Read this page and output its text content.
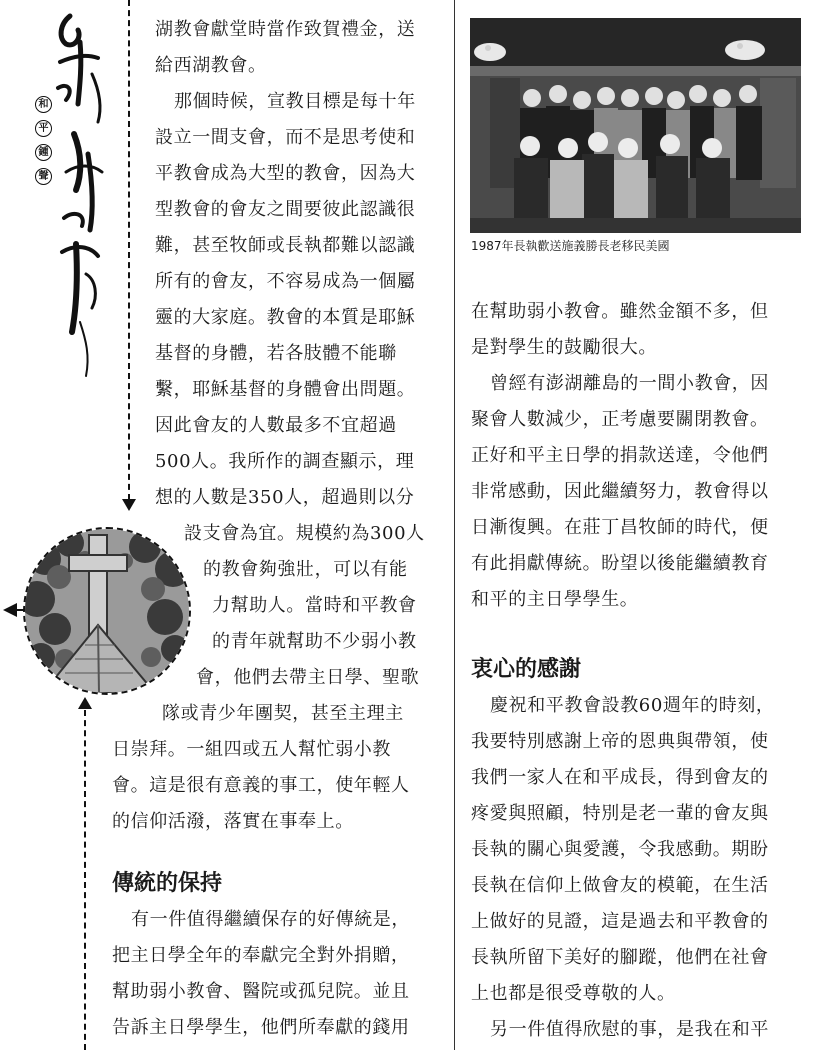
和
平
鍾
聲
1987年長執歡送施義勝長老移民美國
湖教會獻堂時當作致賀禮金，送
給西湖教會。
那個時候，宣教目標是每十年
設立一間支會，而不是思考使和
平教會成為大型的教會，因為大
型教會的會友之間要彼此認識很
難，甚至牧師或長執都難以認識
所有的會友，不容易成為一個屬
靈的大家庭。教會的本質是耶穌
基督的身體，若各肢體不能聯
繫，耶穌基督的身體會出問題。
因此會友的人數最多不宜超過
500人。我所作的調查顯示，理
想的人數是350人，超過則以分
設支會為宜。規模約為300人
的教會夠強壯，可以有能
力幫助人。當時和平教會
的青年就幫助不少弱小教
會，他們去帶主日學、聖歌
隊或青少年團契，甚至主理主
日崇拜。一組四或五人幫忙弱小教
會。這是很有意義的事工，使年輕人
的信仰活潑，落實在事奉上。
傳統的保持
有一件值得繼續保存的好傳統是，
把主日學全年的奉獻完全對外捐贈，
幫助弱小教會、醫院或孤兒院。並且
告訴主日學學生，他們所奉獻的錢用
在幫助弱小教會。雖然金額不多，但
是對學生的鼓勵很大。
曾經有澎湖離島的一間小教會，因
聚會人數減少，正考慮要關閉教會。
正好和平主日學的捐款送達，令他們
非常感動，因此繼續努力，教會得以
日漸復興。在莊丁昌牧師的時代，便
有此捐獻傳統。盼望以後能繼續教育
和平的主日學學生。
衷心的感謝
慶祝和平教會設教60週年的時刻，
我要特別感謝上帝的恩典與帶領，使
我們一家人在和平成長，得到會友的
疼愛與照顧，特別是老一輩的會友與
長執的關心與愛護，令我感動。期盼
長執在信仰上做會友的模範，在生活
上做好的見證，這是過去和平教會的
長執所留下美好的腳蹤，他們在社會
上也都是很受尊敬的人。
另一件值得欣慰的事，是我在和平
